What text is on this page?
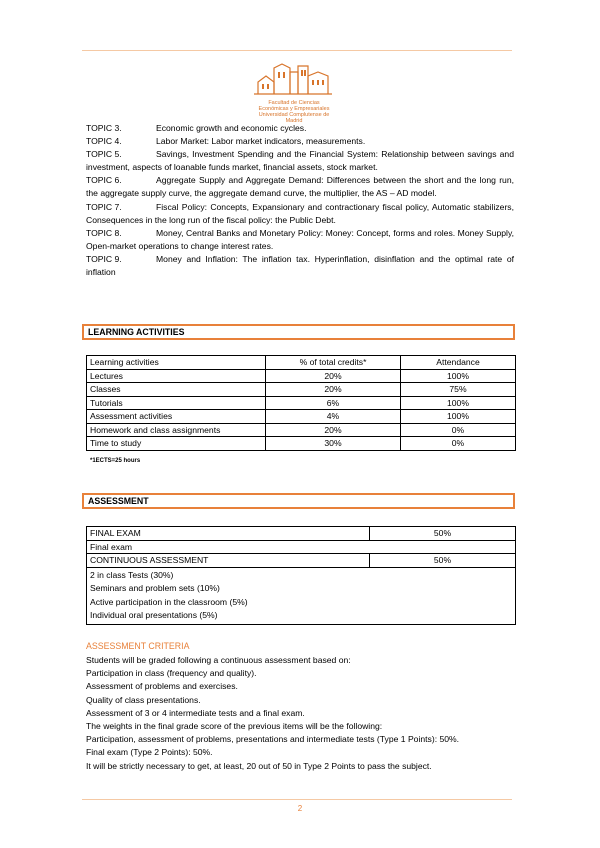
Facultad de Ciencias
Económicas y Empresariales
Universidad Complutense de Madrid
TOPIC 3.	Economic growth and economic cycles.
TOPIC 4.	Labor Market: Labor market indicators, measurements.
TOPIC 5.	Savings, Investment Spending and the Financial System: Relationship between savings and investment, aspects of loanable funds market, financial assets, stock market.
TOPIC 6.	Aggregate Supply and Aggregate Demand: Differences between the short and the long run, the aggregate supply curve, the aggregate demand curve, the multiplier, the AS – AD model.
TOPIC 7.	Fiscal Policy: Concepts, Expansionary and contractionary fiscal policy, Automatic stabilizers, Consequences in the long run of the fiscal policy: the Public Debt.
TOPIC 8.	Money, Central Banks and Monetary Policy: Money: Concept, forms and roles. Money Supply, Open-market operations to change interest rates.
TOPIC 9.	Money and Inflation: The inflation tax. Hyperinflation, disinflation and the optimal rate of inflation
LEARNING ACTIVITIES
Learning activities	% of total credits*	Attendance
Lectures	20%	100%
Classes	20%	75%
Tutorials	6%	100%
Assessment activities	4%	100%
Homework and class assignments	20%	0%
Time to study	30%	0%
*1ECTS=25 hours
ASSESSMENT
FINAL EXAM	50%
Final exam	
CONTINUOUS ASSESSMENT	50%

2 in class Tests (30%)
Seminars and problem sets (10%)
Active participation in the classroom (5%)
Individual oral presentations (5%)	
ASSESSMENT CRITERIA
Students will be graded following a continuous assessment based on:
Participation in class (frequency and quality).
Assessment of problems and exercises.
Quality of class presentations.
Assessment of 3 or 4 intermediate tests and a final exam.
The weights in the final grade score of the previous items will be the following:
Participation, assessment of problems, presentations and intermediate tests (Type 1 Points): 50%.
Final exam (Type 2 Points): 50%.
It will be strictly necessary to get, at least, 20 out of 50 in Type 2 Points to pass the subject.
2
